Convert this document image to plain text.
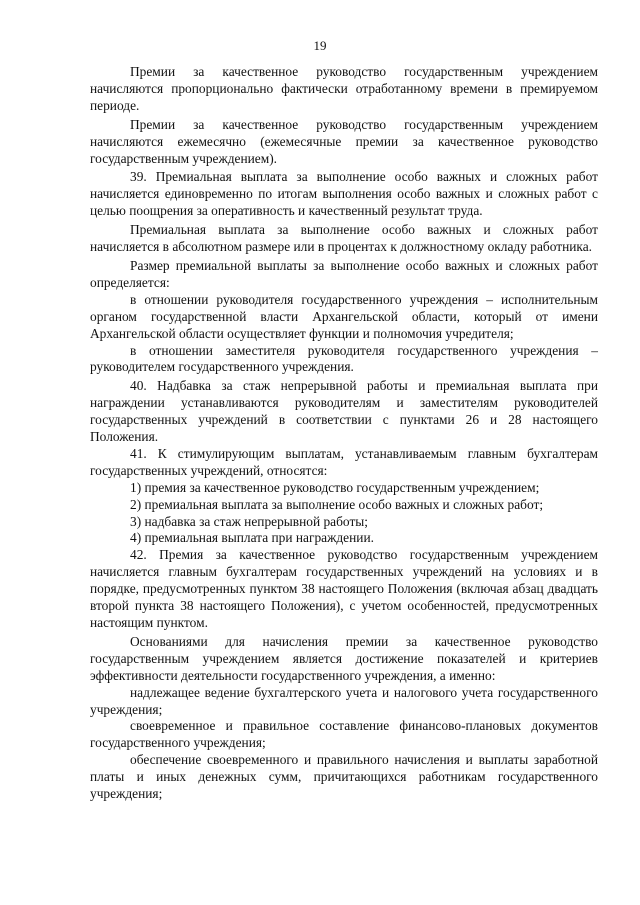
19

Премии за качественное руководство государственным учреждением начисляются пропорционально фактически отработанному времени в премируемом периоде.

Премии за качественное руководство государственным учреждением начисляются ежемесячно (ежемесячные премии за качественное руководство государственным учреждением).

39. Премиальная выплата за выполнение особо важных и сложных работ начисляется единовременно по итогам выполнения особо важных и сложных работ с целью поощрения за оперативность и качественный результат труда.

Премиальная выплата за выполнение особо важных и сложных работ начисляется в абсолютном размере или в процентах к должностному окладу работника.

Размер премиальной выплаты за выполнение особо важных и сложных работ определяется:

в отношении руководителя государственного учреждения – исполнительным органом государственной власти Архангельской области, который от имени Архангельской области осуществляет функции и полномочия учредителя;

в отношении заместителя руководителя государственного учреждения – руководителем государственного учреждения.

40. Надбавка за стаж непрерывной работы и премиальная выплата при награждении устанавливаются руководителям и заместителям руководителей государственных учреждений в соответствии с пунктами 26 и 28 настоящего Положения.

41. К стимулирующим выплатам, устанавливаемым главным бухгалтерам государственных учреждений, относятся:

1) премия за качественное руководство государственным учреждением;

2) премиальная выплата за выполнение особо важных и сложных работ;

3) надбавка за стаж непрерывной работы;

4) премиальная выплата при награждении.

42. Премия за качественное руководство государственным учреждением начисляется главным бухгалтерам государственных учреждений на условиях и в порядке, предусмотренных пунктом 38 настоящего Положения (включая абзац двадцать второй пункта 38 настоящего Положения), с учетом особенностей, предусмотренных настоящим пунктом.

Основаниями для начисления премии за качественное руководство государственным учреждением является достижение показателей и критериев эффективности деятельности государственного учреждения, а именно:

надлежащее ведение бухгалтерского учета и налогового учета государственного учреждения;

своевременное и правильное составление финансово-плановых документов государственного учреждения;

обеспечение своевременного и правильного начисления и выплаты заработной платы и иных денежных сумм, причитающихся работникам государственного учреждения;
